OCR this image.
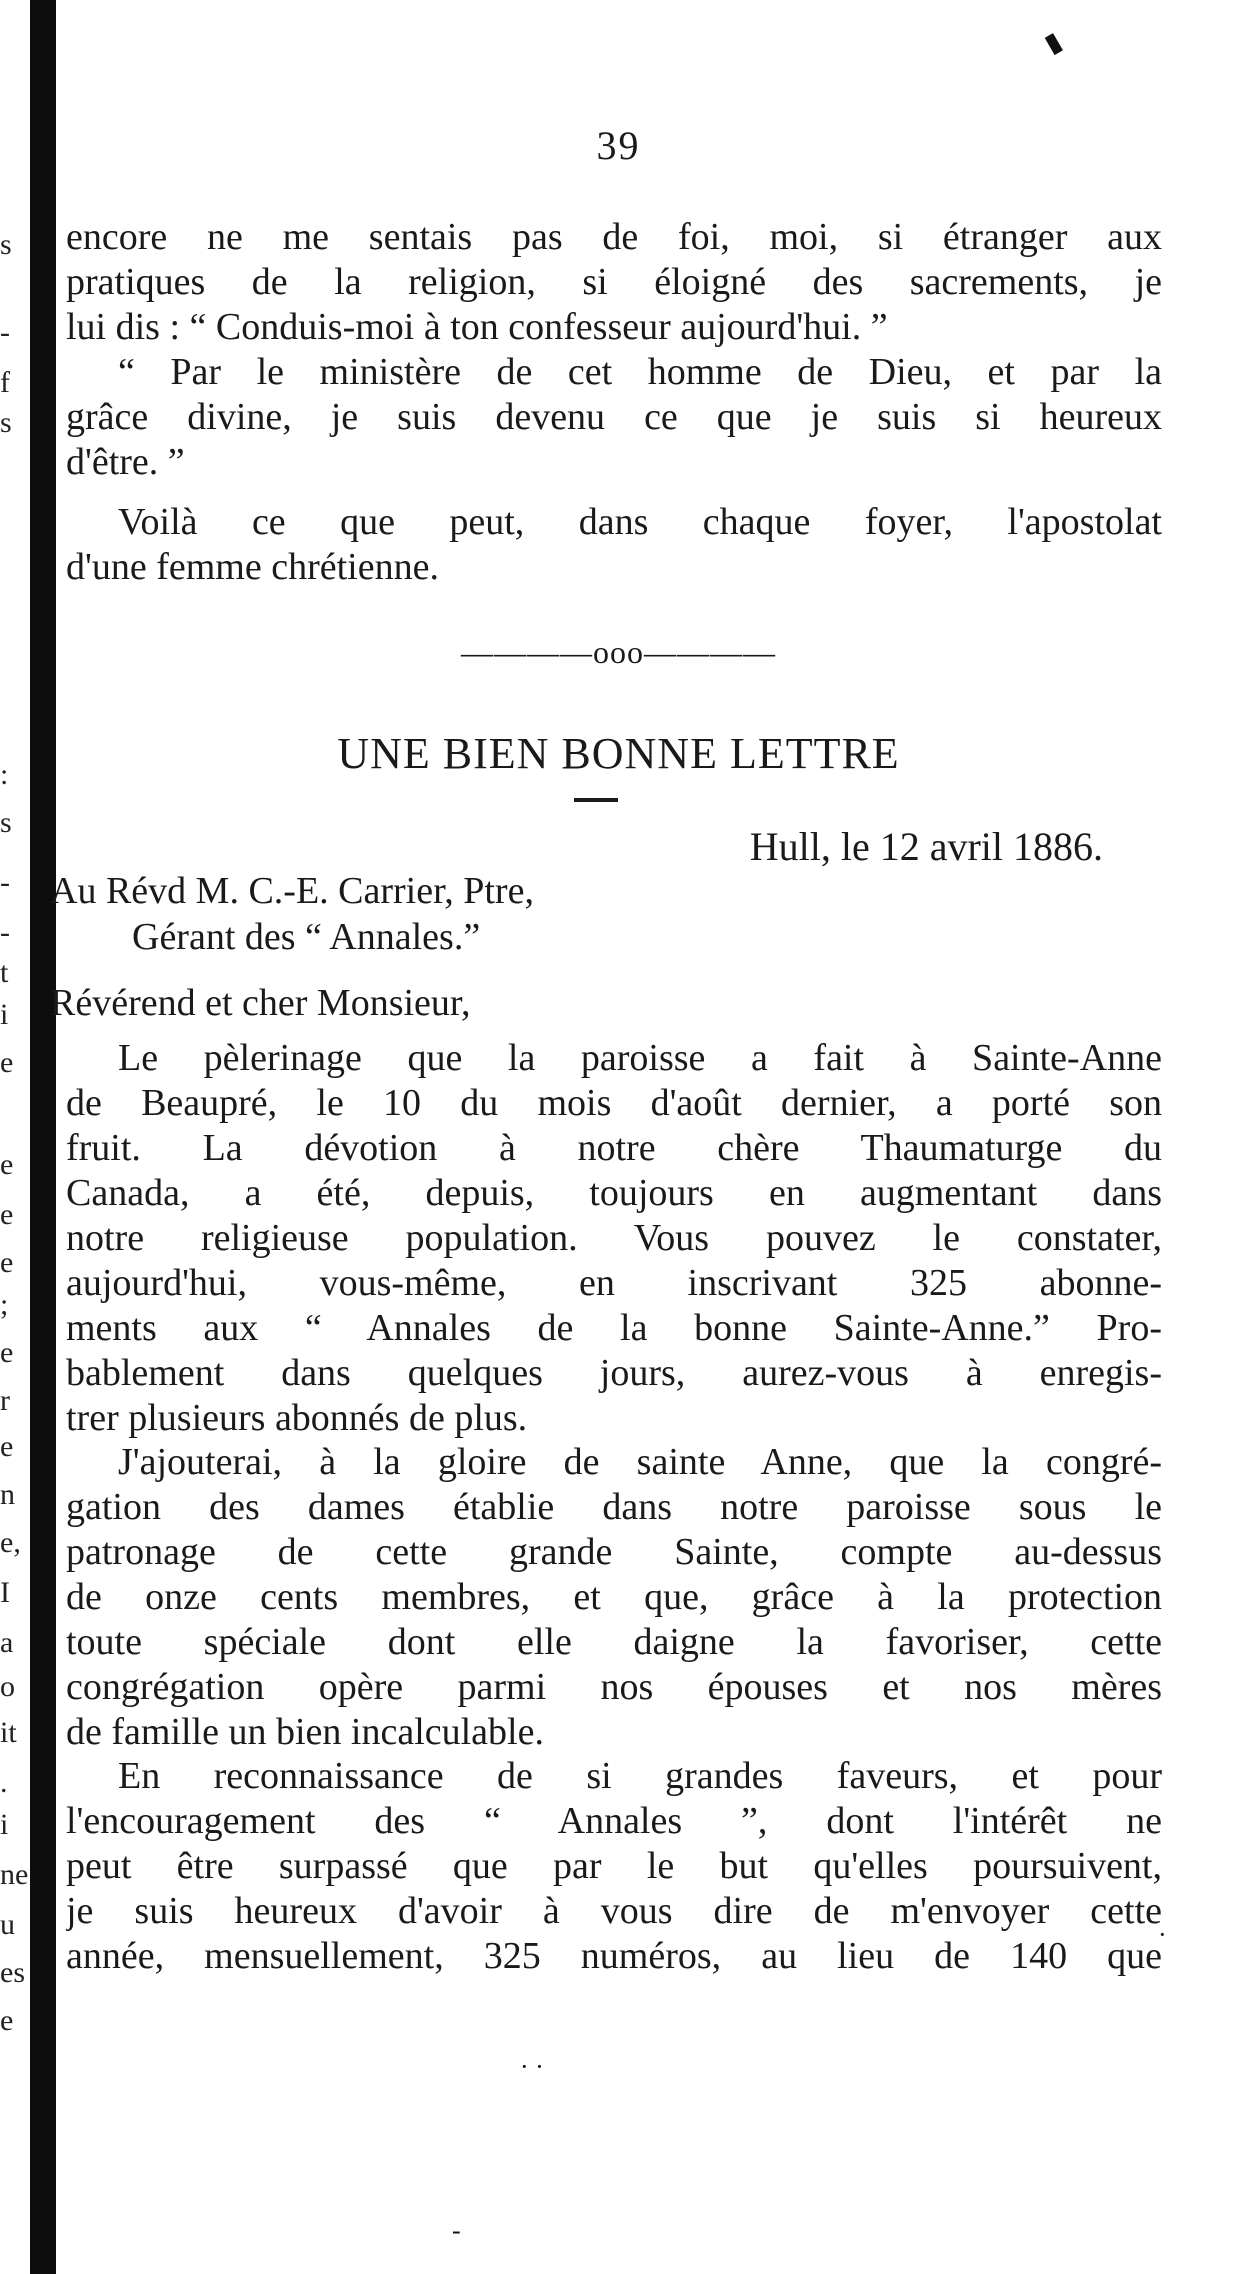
s
-
f
s
:
s
-
-
t
i
e
e
e
e
;
e
r
e
n
e,
I
a
o
it
.
i
ne
u
es
e
39
encore ne me sentais pas de foi, moi, si étranger aux
pratiques de la religion, si éloigné des sacrements, je
lui dis : “ Conduis-moi à ton confesseur aujourd'hui. ”
“ Par le ministère de cet homme de Dieu, et par la
grâce divine, je suis devenu ce que je suis si heureux
d'être. ”
Voilà ce que peut, dans chaque foyer, l'apostolat
d'une femme chrétienne.
————ooo————
UNE BIEN BONNE LETTRE
Hull, le 12 avril 1886.
Au Révd M. C.-E. Carrier, Ptre,
Gérant des “ Annales.”
Révérend et cher Monsieur,
Le pèlerinage que la paroisse a fait à Sainte-Anne
de Beaupré, le 10 du mois d'août dernier, a porté son
fruit. La dévotion à notre chère Thaumaturge du
Canada, a été, depuis, toujours en augmentant dans
notre religieuse population. Vous pouvez le constater,
aujourd'hui, vous-même, en inscrivant 325 abonne-
ments aux “ Annales de la bonne Sainte-Anne.” Pro-
bablement dans quelques jours, aurez-vous à enregis-
trer plusieurs abonnés de plus.
J'ajouterai, à la gloire de sainte Anne, que la congré-
gation des dames établie dans notre paroisse sous le
patronage de cette grande Sainte, compte au-dessus
de onze cents membres, et que, grâce à la protection
toute spéciale dont elle daigne la favoriser, cette
congrégation opère parmi nos épouses et nos mères
de famille un bien incalculable.
En reconnaissance de si grandes faveurs, et pour
l'encouragement des “ Annales ”, dont l'intérêt ne
peut être surpassé que par le but qu'elles poursuivent,
je suis heureux d'avoir à vous dire de m'envoyer cette
année, mensuellement, 325 numéros, au lieu de 140 que
▮
·
· ·
‐
